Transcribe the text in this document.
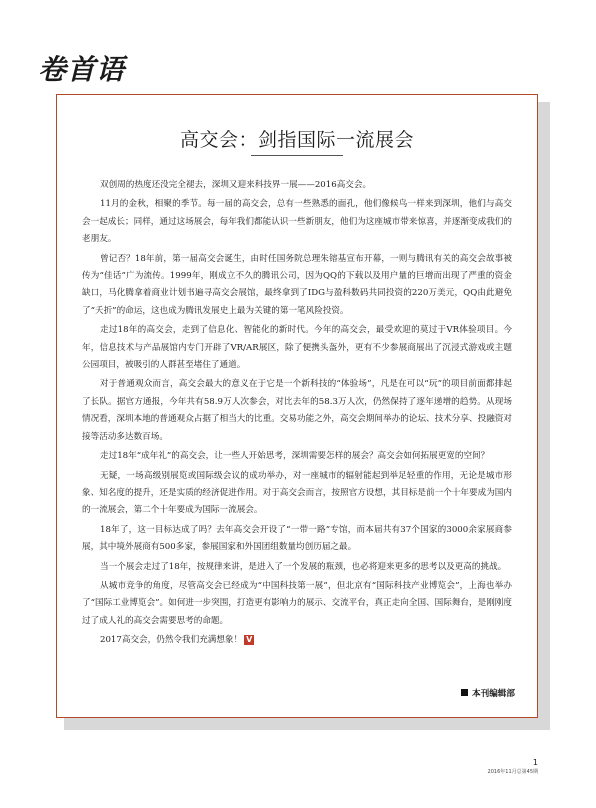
卷首语
高交会：剑指国际一流展会

双创周的热度还没完全褪去，深圳又迎来科技界一展——2016高交会。

11月的金秋，相聚的季节。每一届的高交会，总有一些熟悉的面孔，他们像候鸟一样来到深圳，他们与高交会一起成长；同样，通过这场展会，每年我们都能认识一些新朋友，他们为这座城市带来惊喜，并逐渐变成我们的老朋友。

曾记否？18年前，第一届高交会诞生，由时任国务院总理朱镕基宣布开幕，一则与腾讯有关的高交会故事被传为“佳话”广为流传。1999年，刚成立不久的腾讯公司，因为QQ的下载以及用户量的巨增而出现了严重的资金缺口，马化腾拿着商业计划书遍寻高交会展馆，最终拿到了IDG与盈科数码共同投资的220万美元，QQ由此避免了“夭折”的命运，这也成为腾讯发展史上最为关键的第一笔风险投资。

走过18年的高交会，走到了信息化、智能化的新时代。今年的高交会，最受欢迎的莫过于VR体验项目。今年，信息技术与产品展馆内专门开辟了VR/AR展区，除了便携头盔外，更有不少参展商展出了沉浸式游戏或主题公园项目，被吸引的人群甚至堵住了通道。

对于普通观众而言，高交会最大的意义在于它是一个新科技的“体验场”，凡是在可以“玩”的项目前面都排起了长队。据官方通报，今年共有58.9万人次参会，对比去年的58.3万人次，仍然保持了逐年递增的趋势。从现场情况看，深圳本地的普通观众占据了相当大的比重。交易功能之外，高交会期间举办的论坛、技术分享、投融资对接等活动多达数百场。

走过18年“成年礼”的高交会，让一些人开始思考，深圳需要怎样的展会？高交会如何拓展更宽的空间？

无疑，一场高级别展览或国际级会议的成功举办，对一座城市的辐射能起到举足轻重的作用，无论是城市形象、知名度的提升，还是实质的经济促进作用。对于高交会而言，按照官方设想，其目标是前一个十年要成为国内的一流展会，第二个十年要成为国际一流展会。

18年了，这一目标达成了吗？去年高交会开设了“一带一路”专馆，而本届共有37个国家的3000余家展商参展，其中境外展商有500多家，参展国家和外国团组数量均创历届之最。

当一个展会走过了18年，按规律来讲，是进入了一个发展的瓶颈，也必将迎来更多的思考以及更高的挑战。

从城市竞争的角度，尽管高交会已经成为“中国科技第一展”，但北京有“国际科技产业博览会”，上海也举办了“国际工业博览会”。如何进一步突围，打造更有影响力的展示、交流平台，真正走向全国、国际舞台，是刚刚度过了成人礼的高交会需要思考的命题。

2017高交会，仍然令我们充满想象！ V

本刊编辑部
1
2016年11月总第45期
